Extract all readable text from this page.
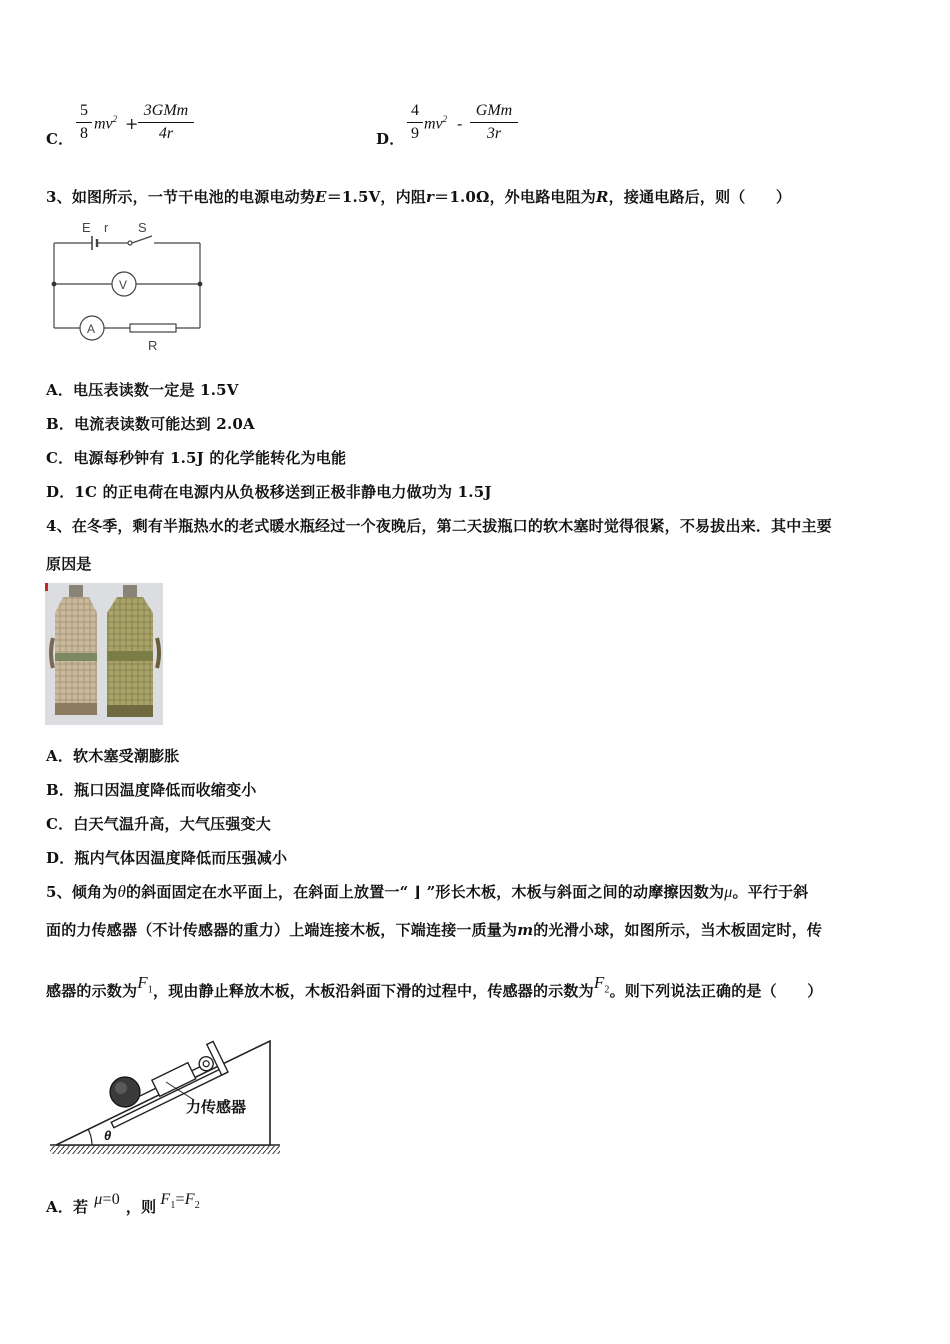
C． $\frac{5}{8} mv^2$ +
3GMm
4r	D． $\frac{4}{9} mv^2$ -
GMm
3r
3、如图所示，一节干电池的电源电动势E＝1.5V，内阻r＝1.0Ω，外电路电阻为R，接通电路后，则（　　）
E r S
V
A
R
A．电压表读数一定是 1.5V
B．电流表读数可能达到 2.0A
C．电源每秒钟有 1.5J 的化学能转化为电能
D．1C 的正电荷在电源内从负极移送到正极非静电力做功为 1.5J
4、在冬季，剩有半瓶热水的老式暖水瓶经过一个夜晚后，第二天拔瓶口的软木塞时觉得很紧，不易拔出来．其中主要
原因是
A．软木塞受潮膨胀
B．瓶口因温度降低而收缩变小
C．白天气温升高，大气压强变大
D．瓶内气体因温度降低而压强减小
5、倾角为θ的斜面固定在水平面上，在斜面上放置一“ ⌋ ”形长木板，木板与斜面之间的动摩擦因数为μ。平行于斜
面的力传感器（不计传感器的重力）上端连接木板，下端连接一质量为m的光滑小球，如图所示，当木板固定时，传
感器的示数为$F_1$，现由静止释放木板，木板沿斜面下滑的过程中，传感器的示数为$F_2$。则下列说法正确的是（　　）
θ
力传感器
A．若 μ=0 ，则 $F_1=F_2$
